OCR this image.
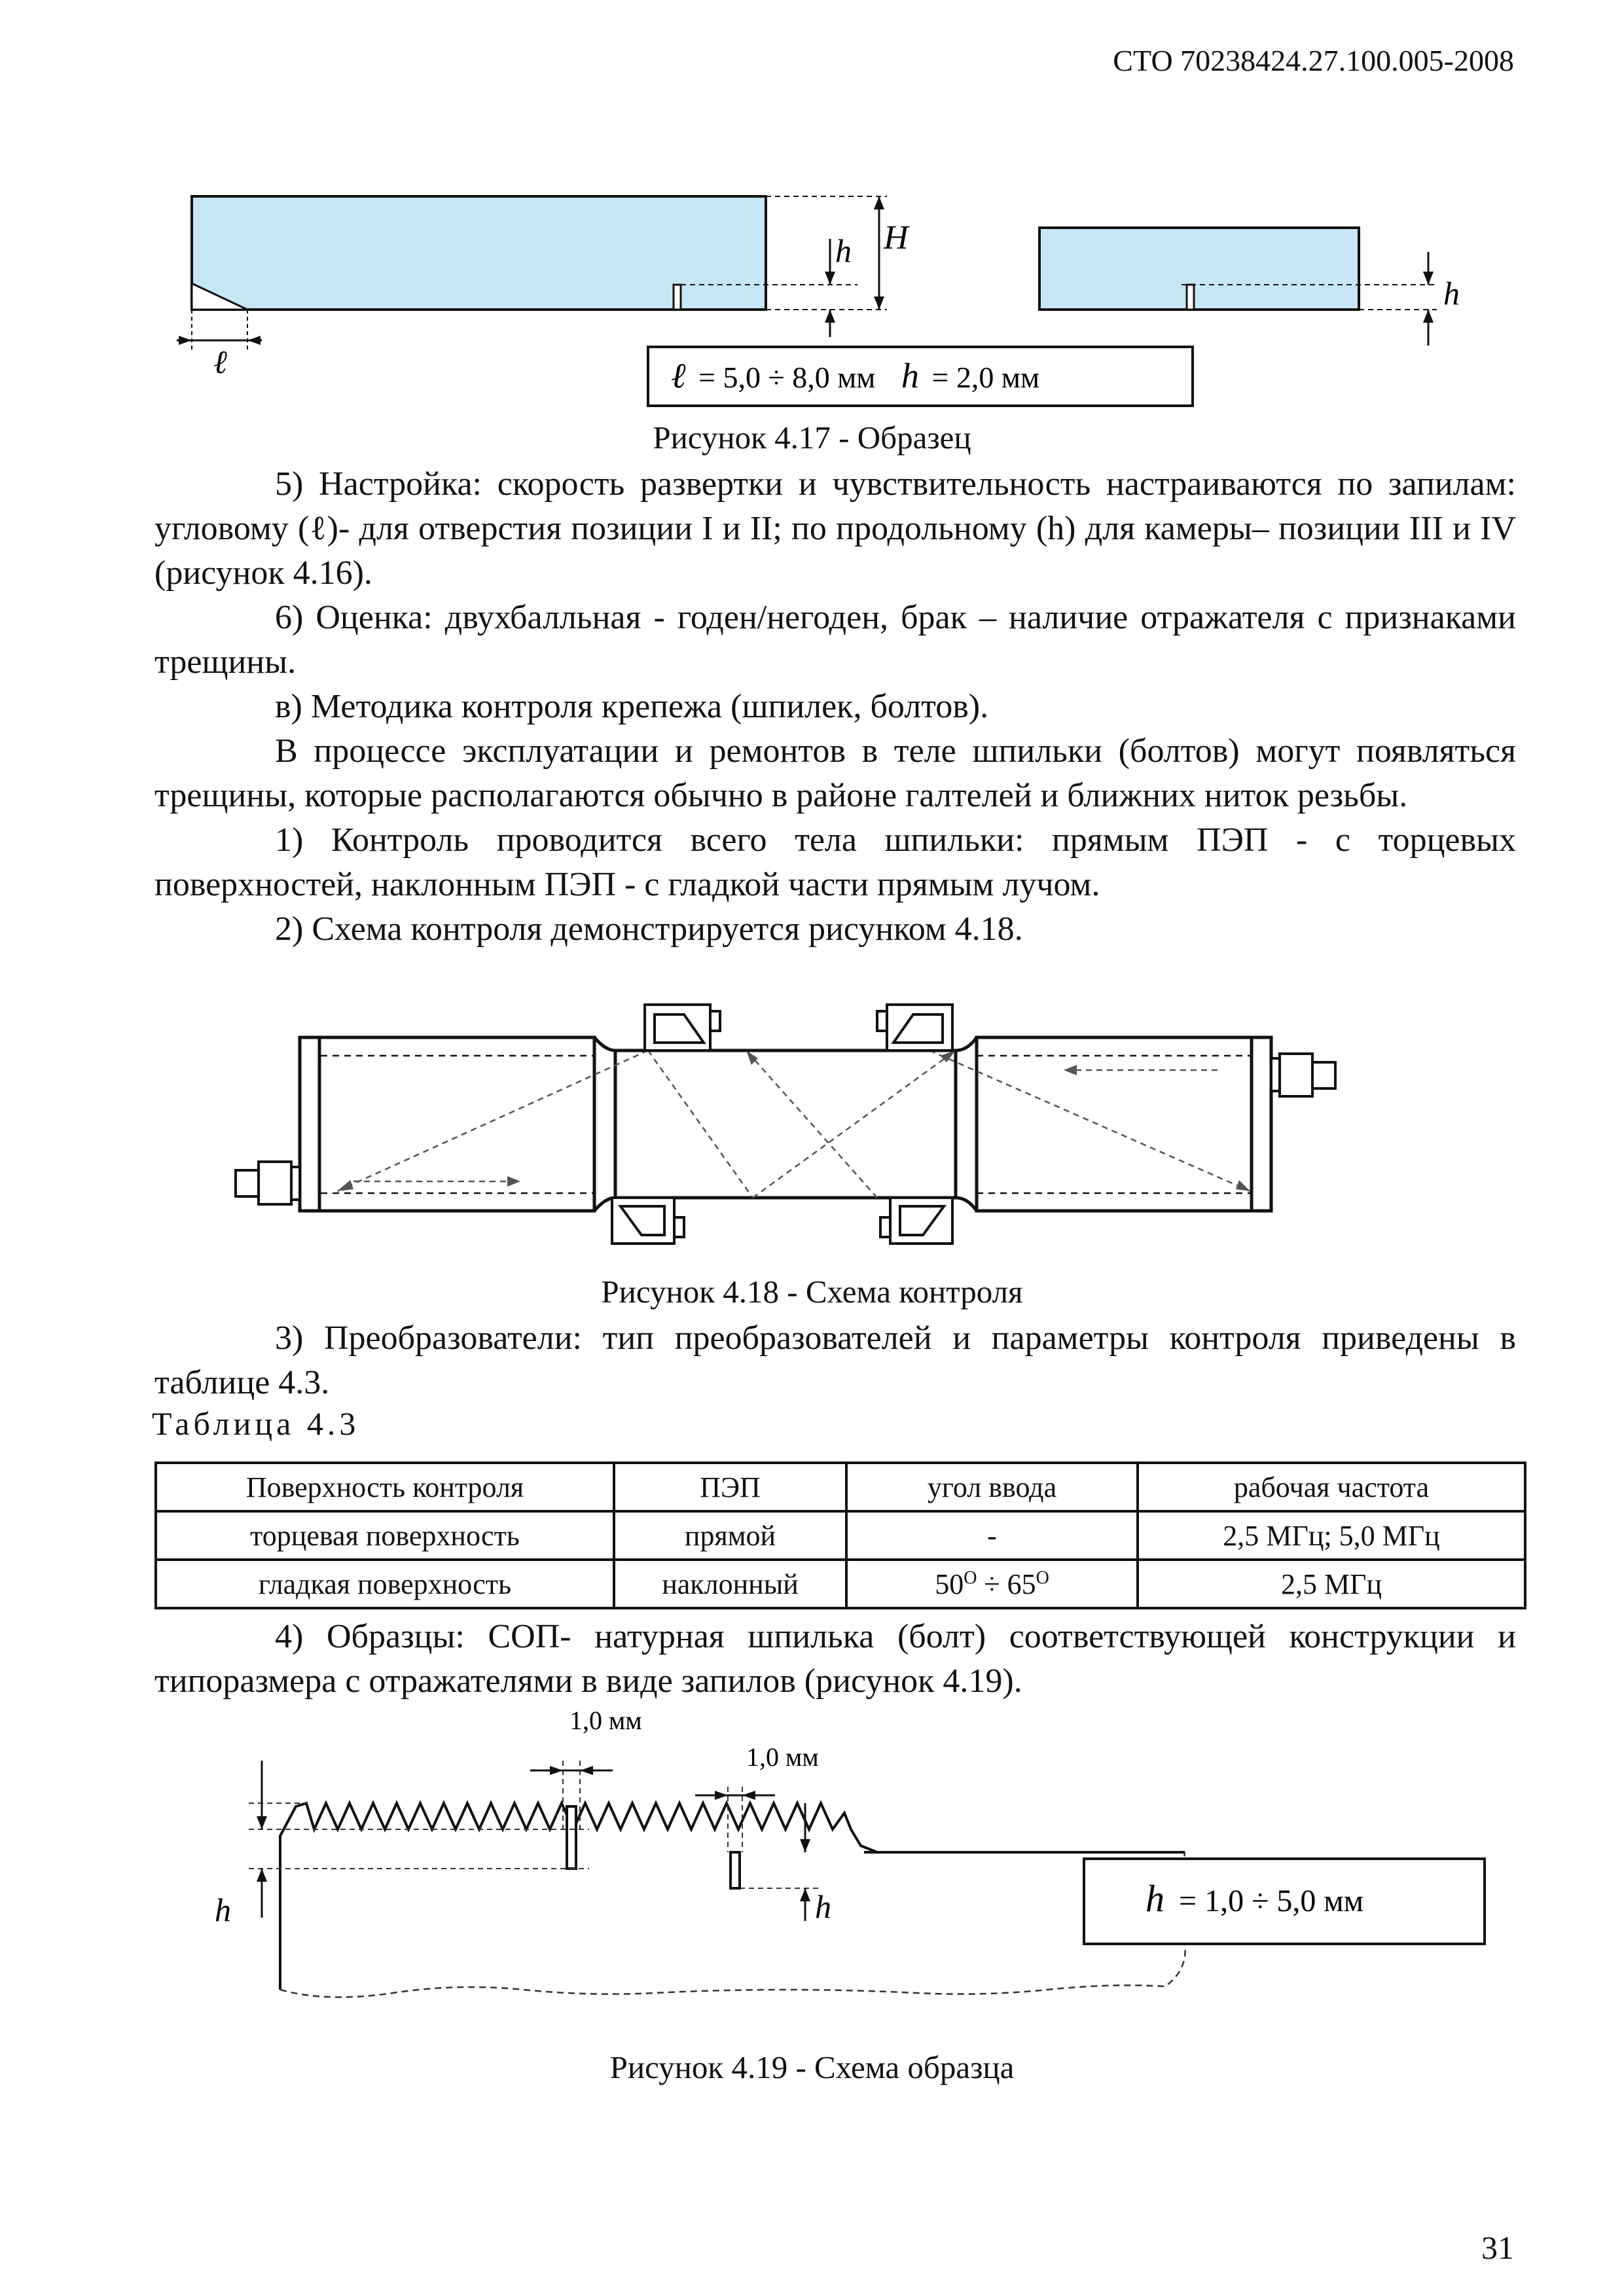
СТО 70238424.27.100.005-2008
h H
ℓ
h
ℓ = 5,0 ÷ 8,0 мм h = 2,0 мм
Рисунок 4.17 - Образец

5) Настройка: скорость развертки и чувствительность настраиваются по запилам: угловому (ℓ)- для отверстия позиции I и II; по продольному (h) для камеры– позиции III и IV (рисунок 4.16).

6) Оценка: двухбалльная - годен/негоден, брак – наличие отражателя с признаками трещины.

в) Методика контроля крепежа (шпилек, болтов).

В процессе эксплуатации и ремонтов в теле шпильки (болтов) могут появляться трещины, которые располагаются обычно в районе галтелей и ближних ниток резьбы.

1) Контроль проводится всего тела шпильки: прямым ПЭП - с торцевых поверхностей, наклонным ПЭП - с гладкой части прямым лучом.

2) Схема контроля демонстрируется рисунком 4.18.

Рисунок 4.18 - Схема контроля

3) Преобразователи: тип преобразователей и параметры контроля приведены в таблице 4.3.

Таблица 4.3
Поверхность контроля	ПЭП	угол ввода	рабочая частота
торцевая поверхность	прямой	-	2,5 МГц; 5,0 МГц
гладкая поверхность	наклонный	$50^О \div 65^О$	2,5 МГц

4) Образцы: СОП- натурная шпилька (болт) соответствующей конструкции и типоразмера с отражателями в виде запилов (рисунок 4.19).

h
1,0 мм
1,0 мм
h	h = 1,0 ÷ 5,0 мм
Рисунок 4.19 - Схема образца
31
